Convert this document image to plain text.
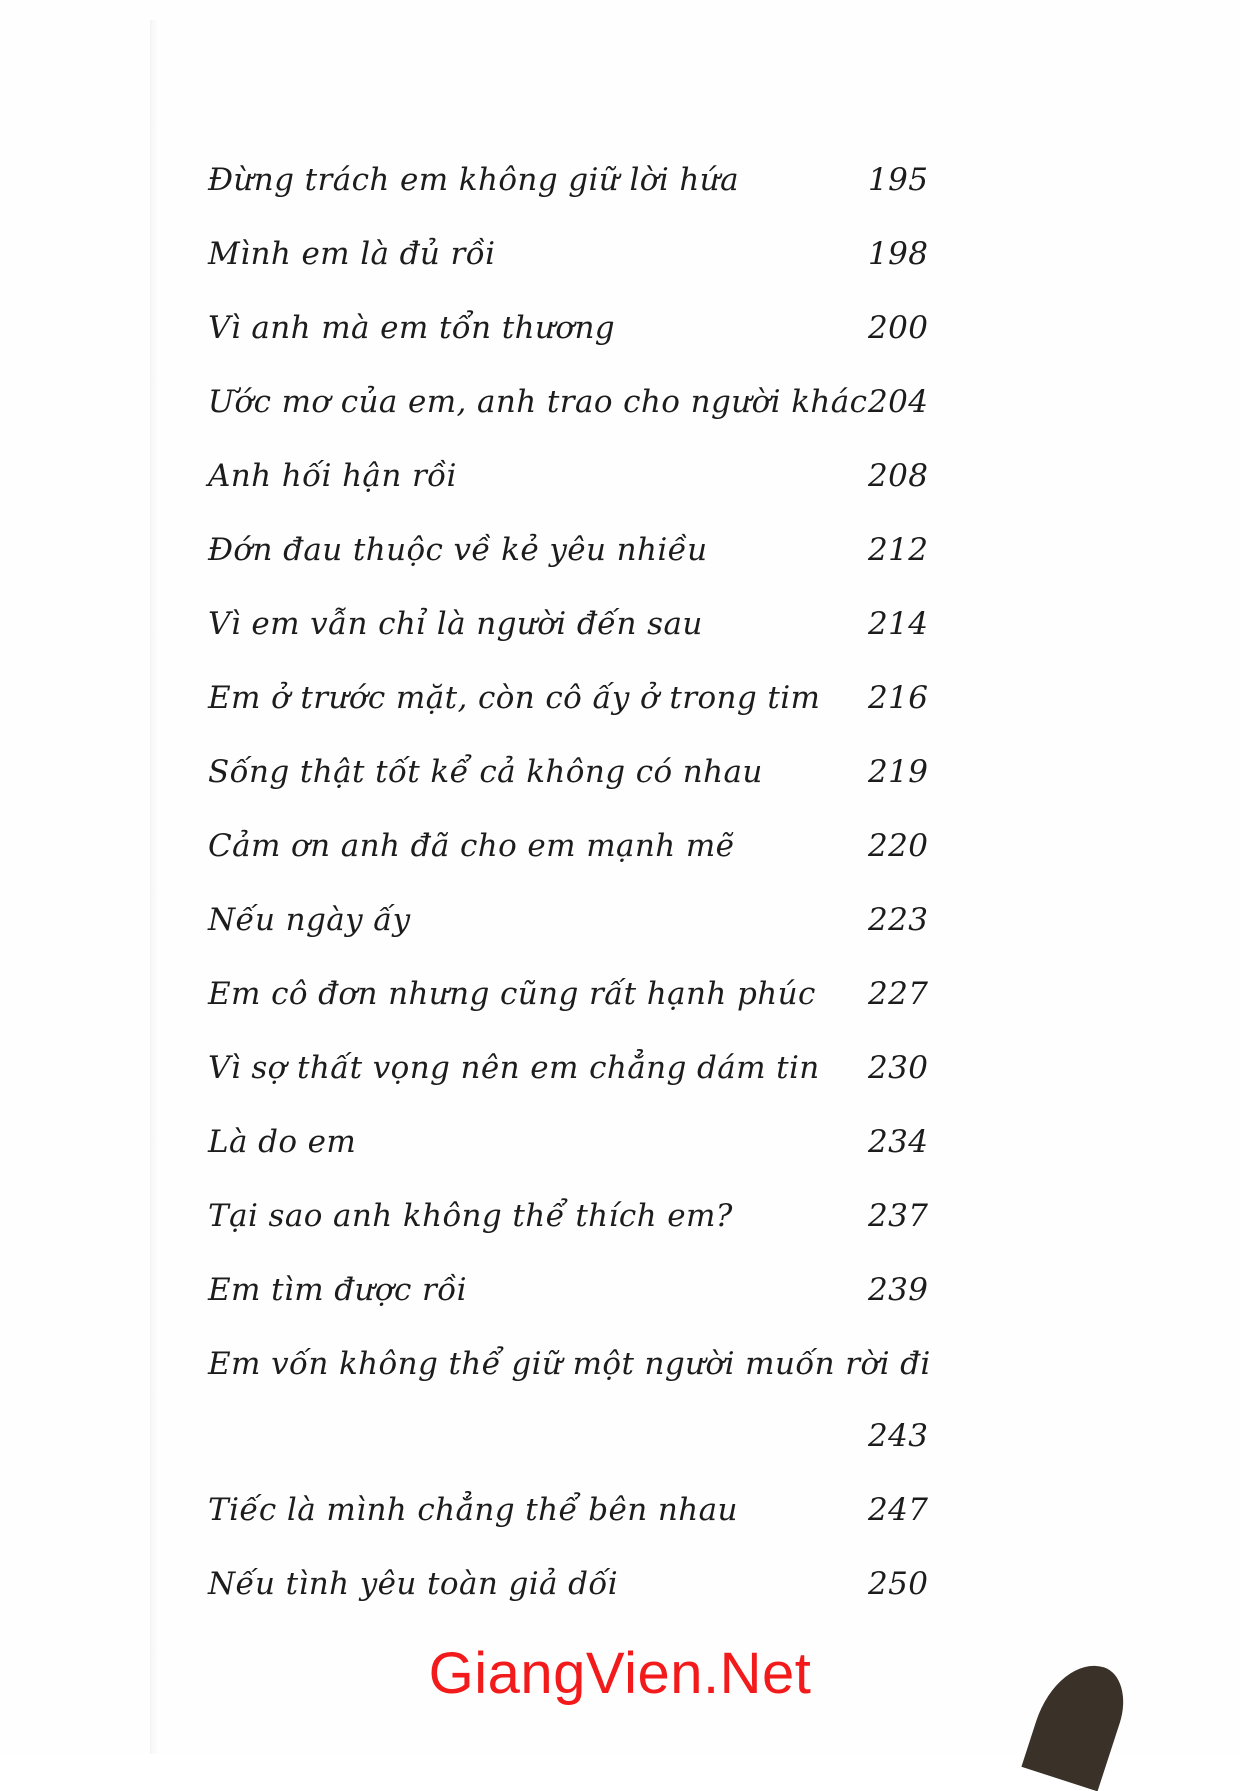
Đừng trách em không giữ lời hứa	195
Mình em là đủ rồi	198
Vì anh mà em tổn thương	200
Ước mơ của em, anh trao cho người khác 204
Anh hối hận rồi	208
Đớn đau thuộc về kẻ yêu nhiều	212
Vì em vẫn chỉ là người đến sau	214
Em ở trước mặt, còn cô ấy ở trong tim 216
Sống thật tốt kể cả không có nhau	219
Cảm ơn anh đã cho em mạnh mẽ	220
Nếu ngày ấy	223
Em cô đơn nhưng cũng rất hạnh phúc 227
Vì sợ thất vọng nên em chẳng dám tin 230
Là do em	234
Tại sao anh không thể thích em?	237
Em tìm được rồi	239
Em vốn không thể giữ một người muốn rời đi
243
Tiếc là mình chẳng thể bên nhau	247
Nếu tình yêu toàn giả dối	250
GiangVien.Net
